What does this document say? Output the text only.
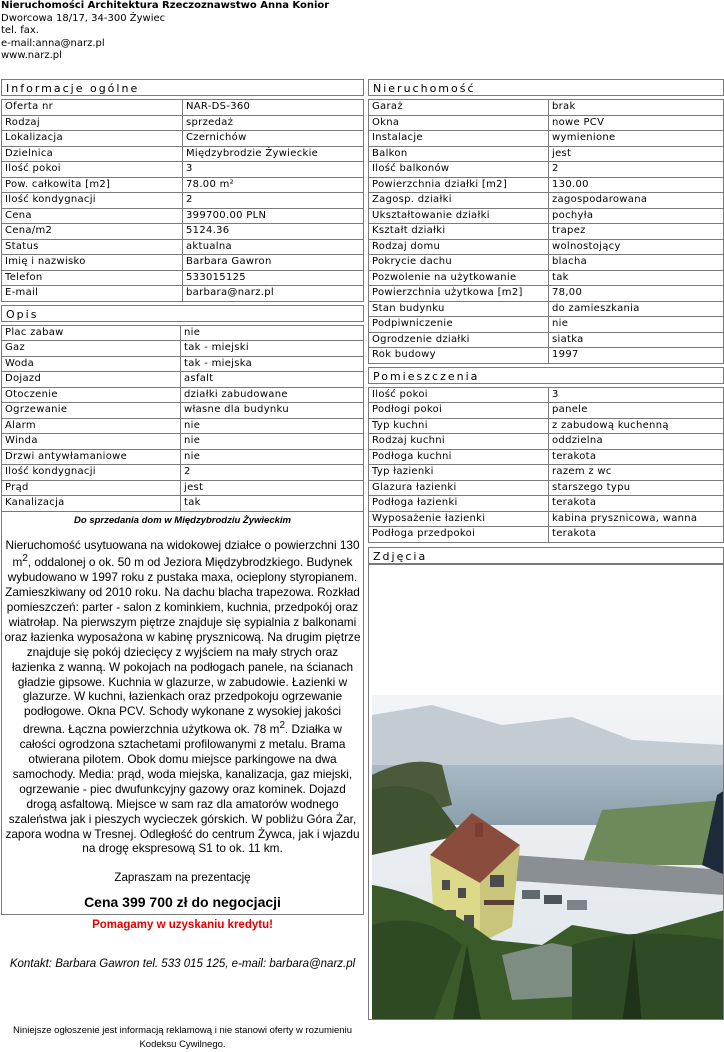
Nieruchomości Architektura Rzeczoznawstwo Anna Konior
Dworcowa 18/17, 34-300 Żywiec
tel. fax.
e-mail:anna@narz.pl
www.narz.pl
Informacje ogólne
Oferta nr	NAR-DS-360
Rodzaj	sprzedaż
Lokalizacja	Czernichów
Dzielnica	Międzybrodzie Żywieckie
Ilość pokoi	3
Pow. całkowita [m2]	78.00 m²
Ilość kondygnacji	2
Cena	399700.00 PLN
Cena/m2	5124.36
Status	aktualna
Imię i nazwisko	Barbara Gawron
Telefon	533015125
E-mail	barbara@narz.pl
Opis
Plac zabaw	nie
Gaz	tak - miejski
Woda	tak - miejska
Dojazd	asfalt
Otoczenie	działki zabudowane
Ogrzewanie	własne dla budynku
Alarm	nie
Winda	nie
Drzwi antywłamaniowe	nie
Ilość kondygnacji	2
Prąd	jest
Kanalizacja	tak
Do sprzedania dom w Międzybrodziu Żywieckim
Nieruchomość usytuowana na widokowej działce o powierzchni 130 $m^2$, oddalonej o ok. 50 m od Jeziora Międzybrodzkiego. Budynek wybudowano w 1997 roku z pustaka maxa, ocieplony styropianem. Zamieszkiwany od 2010 roku. Na dachu blacha trapezowa. Rozkład pomieszczeń: parter - salon z kominkiem, kuchnia, przedpokój oraz wiatrołap. Na pierwszym piętrze znajduje się sypialnia z balkonami oraz łazienka wyposażona w kabinę prysznicową. Na drugim piętrze znajduje się pokój dziecięcy z wyjściem na mały strych oraz łazienka z wanną. W pokojach na podłogach panele, na ścianach gładzie gipsowe. Kuchnia w glazurze, w zabudowie. Łazienki w glazurze. W kuchni, łazienkach oraz przedpokoju ogrzewanie podłogowe. Okna PCV. Schody wykonane z wysokiej jakości drewna. Łączna powierzchnia użytkowa ok. 78 $m^2$. Działka w całości ogrodzona sztachetami profilowanymi z metalu. Brama otwierana pilotem. Obok domu miejsce parkingowe na dwa samochody. Media: prąd, woda miejska, kanalizacja, gaz miejski, ogrzewanie - piec dwufunkcyjny gazowy oraz kominek. Dojazd drogą asfaltową. Miejsce w sam raz dla amatorów wodnego szaleństwa jak i pieszych wycieczek górskich. W pobliżu Góra Żar, zapora wodna w Tresnej. Odległość do centrum Żywca, jak i wjazdu na drogę ekspresową S1 to ok. 11 km.
Zapraszam na prezentację
Cena 399 700 zł do negocjacji
Pomagamy w uzyskaniu kredytu!
Kontakt: Barbara Gawron tel. 533 015 125, e-mail: barbara@narz.pl
Niniejsze ogłoszenie jest informacją reklamową i nie stanowi oferty w rozumieniu Kodeksu Cywilnego.
Nieruchomość
Garaż	brak
Okna	nowe PCV
Instalacje	wymienione
Balkon	jest
Ilość balkonów	2
Powierzchnia działki [m2]	130.00
Zagosp. działki	zagospodarowana
Ukształtowanie działki	pochyła
Kształt działki	trapez
Rodzaj domu	wolnostojący
Pokrycie dachu	blacha
Pozwolenie na użytkowanie	tak
Powierzchnia użytkowa [m2]	78,00
Stan budynku	do zamieszkania
Podpiwniczenie	nie
Ogrodzenie działki	siatka
Rok budowy	1997
Pomieszczenia
Ilość pokoi	3
Podłogi pokoi	panele
Typ kuchni	z zabudową kuchenną
Rodzaj kuchni	oddzielna
Podłoga kuchni	terakota
Typ łazienki	razem z wc
Glazura łazienki	starszego typu
Podłoga łazienki	terakota
Wyposażenie łazienki	kabina prysznicowa, wanna
Podłoga przedpokoi	terakota
Zdjęcia
